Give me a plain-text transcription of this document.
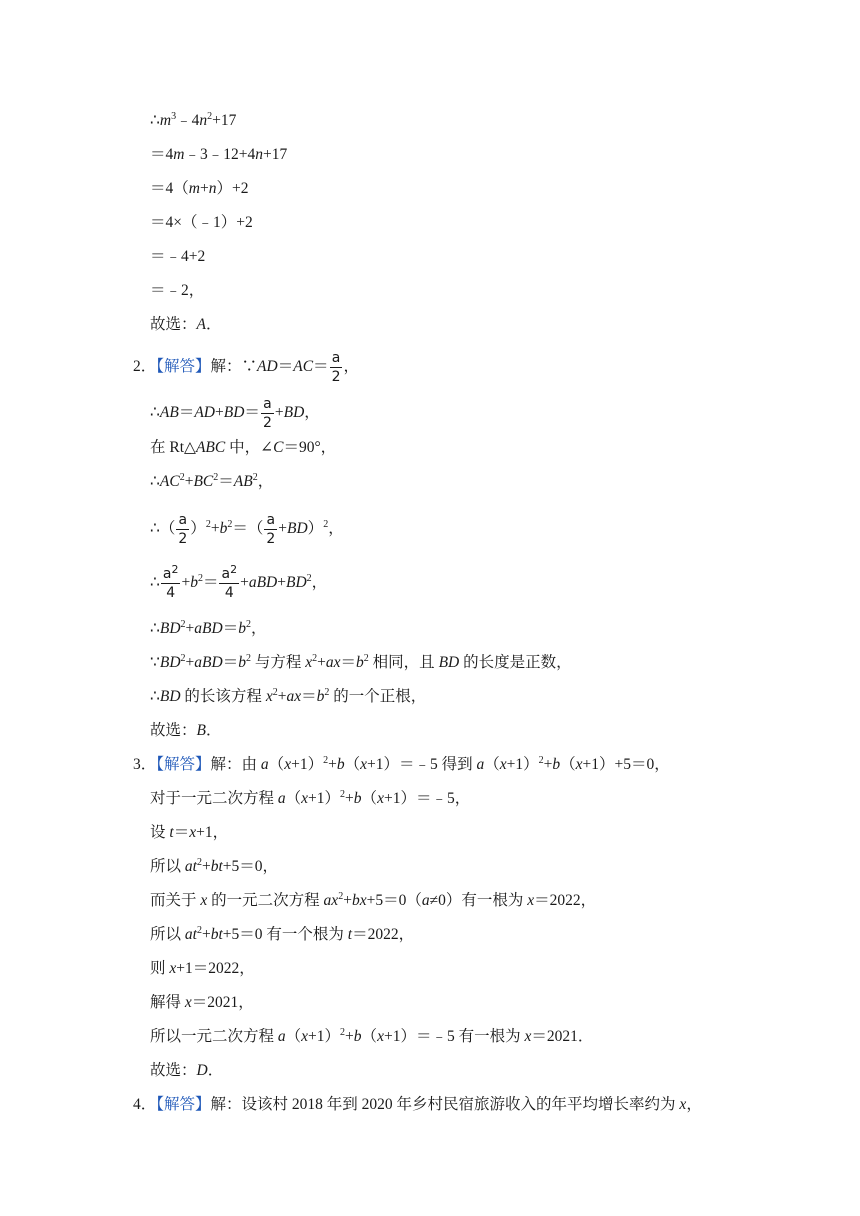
$\therefore m^3﹣4n^2+17$
＝4m﹣3﹣12+4n+17
＝4（m+n）+2
＝4×（﹣1）+2
＝﹣4+2
＝﹣2，
故选：A．
2．【解答】解：∵AD＝AC＝ $\frac{a}{2}$ ，
∴AB＝AD+BD＝ $\frac{a}{2} +BD$，
在 Rt△ABC 中，∠C＝90°，
$\therefore AC^2+BC^2=AB^2$，
∴（ $\frac{a}{2} )^2+b^2=( \frac{a}{2} +BD)^2$，
∴ $\frac{a^2}{4} +b^2= \frac{a^2}{4} +aBD+BD^2$，
$\therefore BD^2+aBD=b^2$，
$\because BD^2+aBD=b^2$ 与方程 $x^2+ax=b^2$ 相同，且 BD 的长度是正数，
∴BD 的长该方程 $x^2+ax=b^2$ 的一个正根，
故选：B．
3．【解答】解：由 $a(x+1)^2+b(x+1)=﹣5$ 得到 $a(x+1)^2+b(x+1)+5=0$，
对于一元二次方程 $a(x+1)^2+b(x+1)=﹣5$，
设 t＝x+1，
所以 $at^2+bt+5=0$，
而关于 x 的一元二次方程 $ax^2+bx+5=0(a\ne 0)$有一根为 x＝2022，
所以 $at^2+bt+5=0$ 有一个根为 t＝2022，
则 x+1＝2022，
解得 x＝2021，
所以一元二次方程 $a(x+1)^2+b(x+1)=﹣5$ 有一根为 x＝2021．
故选：D．
4．【解答】解：设该村 2018 年到 2020 年乡村民宿旅游收入的年平均增长率约为 x，
